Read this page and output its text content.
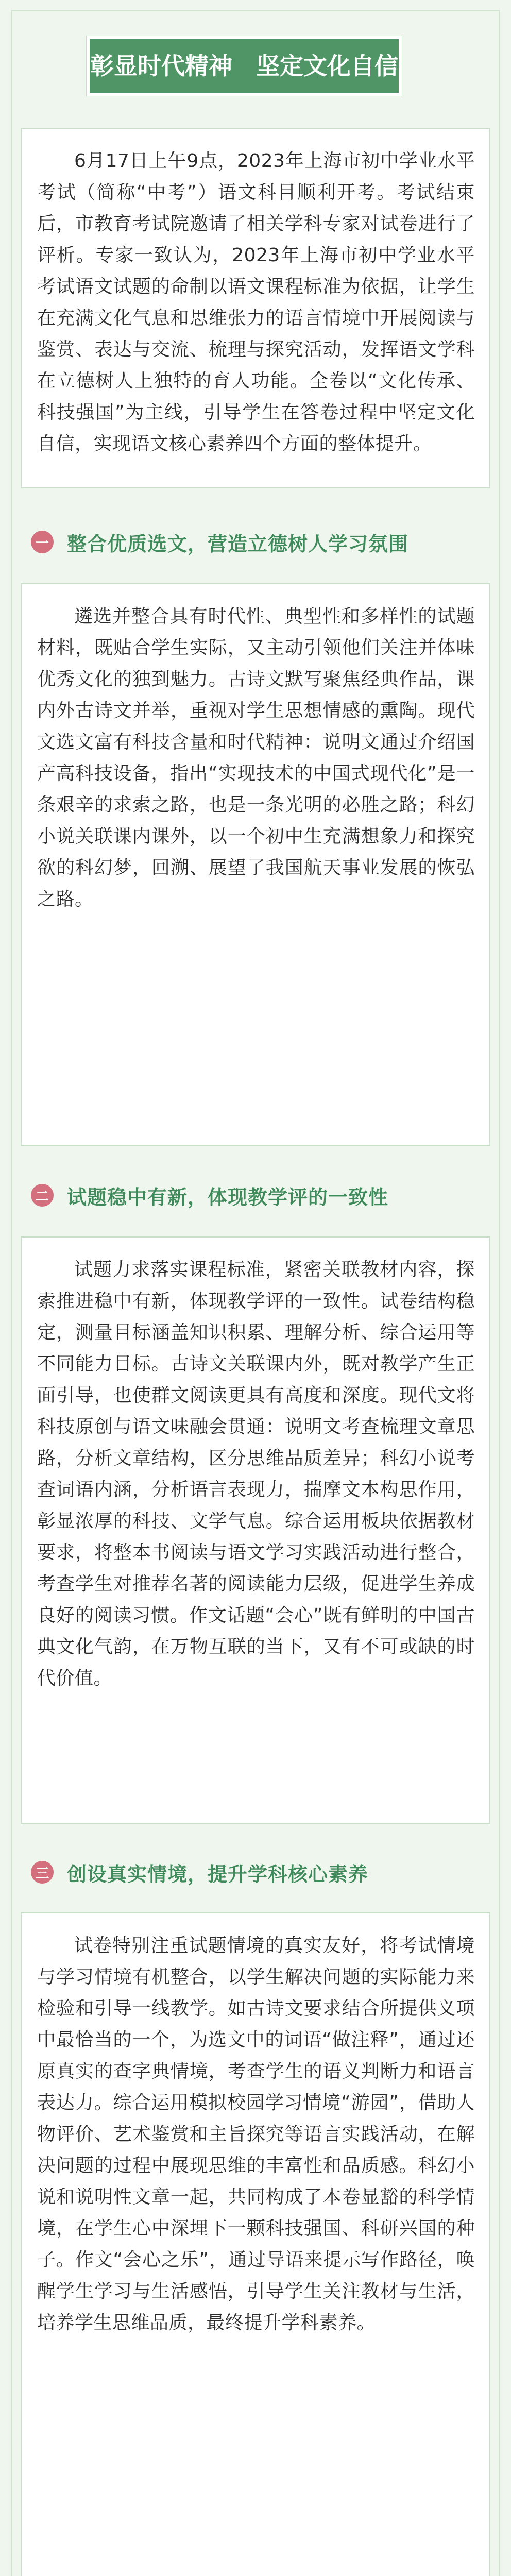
彰显时代精神　坚定文化自信

6月17日上午9点，2023年上海市初中学业水平考试（简称“中考”）语文科目顺利开考。考试结束后，市教育考试院邀请了相关学科专家对试卷进行了评析。专家一致认为，2023年上海市初中学业水平考试语文试题的命制以语文课程标准为依据，让学生在充满文化气息和思维张力的语言情境中开展阅读与鉴赏、表达与交流、梳理与探究活动，发挥语文学科在立德树人上独特的育人功能。全卷以“文化传承、科技强国”为主线，引导学生在答卷过程中坚定文化自信，实现语文核心素养四个方面的整体提升。

一 整合优质选文，营造立德树人学习氛围

遴选并整合具有时代性、典型性和多样性的试题材料，既贴合学生实际，又主动引领他们关注并体味优秀文化的独到魅力。古诗文默写聚焦经典作品，课内外古诗文并举，重视对学生思想情感的熏陶。现代文选文富有科技含量和时代精神：说明文通过介绍国产高科技设备，指出“实现技术的中国式现代化”是一条艰辛的求索之路，也是一条光明的必胜之路；科幻小说关联课内课外，以一个初中生充满想象力和探究欲的科幻梦，回溯、展望了我国航天事业发展的恢弘之路。

二 试题稳中有新，体现教学评的一致性

试题力求落实课程标准，紧密关联教材内容，探索推进稳中有新，体现教学评的一致性。试卷结构稳定，测量目标涵盖知识积累、理解分析、综合运用等不同能力目标。古诗文关联课内外，既对教学产生正面引导，也使群文阅读更具有高度和深度。现代文将科技原创与语文味融会贯通：说明文考查梳理文章思路，分析文章结构，区分思维品质差异；科幻小说考查词语内涵，分析语言表现力，揣摩文本构思作用，彰显浓厚的科技、文学气息。综合运用板块依据教材要求，将整本书阅读与语文学习实践活动进行整合，考查学生对推荐名著的阅读能力层级，促进学生养成良好的阅读习惯。作文话题“会心”既有鲜明的中国古典文化气韵，在万物互联的当下，又有不可或缺的时代价值。

三 创设真实情境，提升学科核心素养

试卷特别注重试题情境的真实友好，将考试情境与学习情境有机整合，以学生解决问题的实际能力来检验和引导一线教学。如古诗文要求结合所提供义项中最恰当的一个，为选文中的词语“做注释”，通过还原真实的查字典情境，考查学生的语义判断力和语言表达力。综合运用模拟校园学习情境“游园”，借助人物评价、艺术鉴赏和主旨探究等语言实践活动，在解决问题的过程中展现思维的丰富性和品质感。科幻小说和说明性文章一起，共同构成了本卷显豁的科学情境，在学生心中深埋下一颗科技强国、科研兴国的种子。作文“会心之乐”，通过导语来提示写作路径，唤醒学生学习与生活感悟，引导学生关注教材与生活，培养学生思维品质，最终提升学科素养。
